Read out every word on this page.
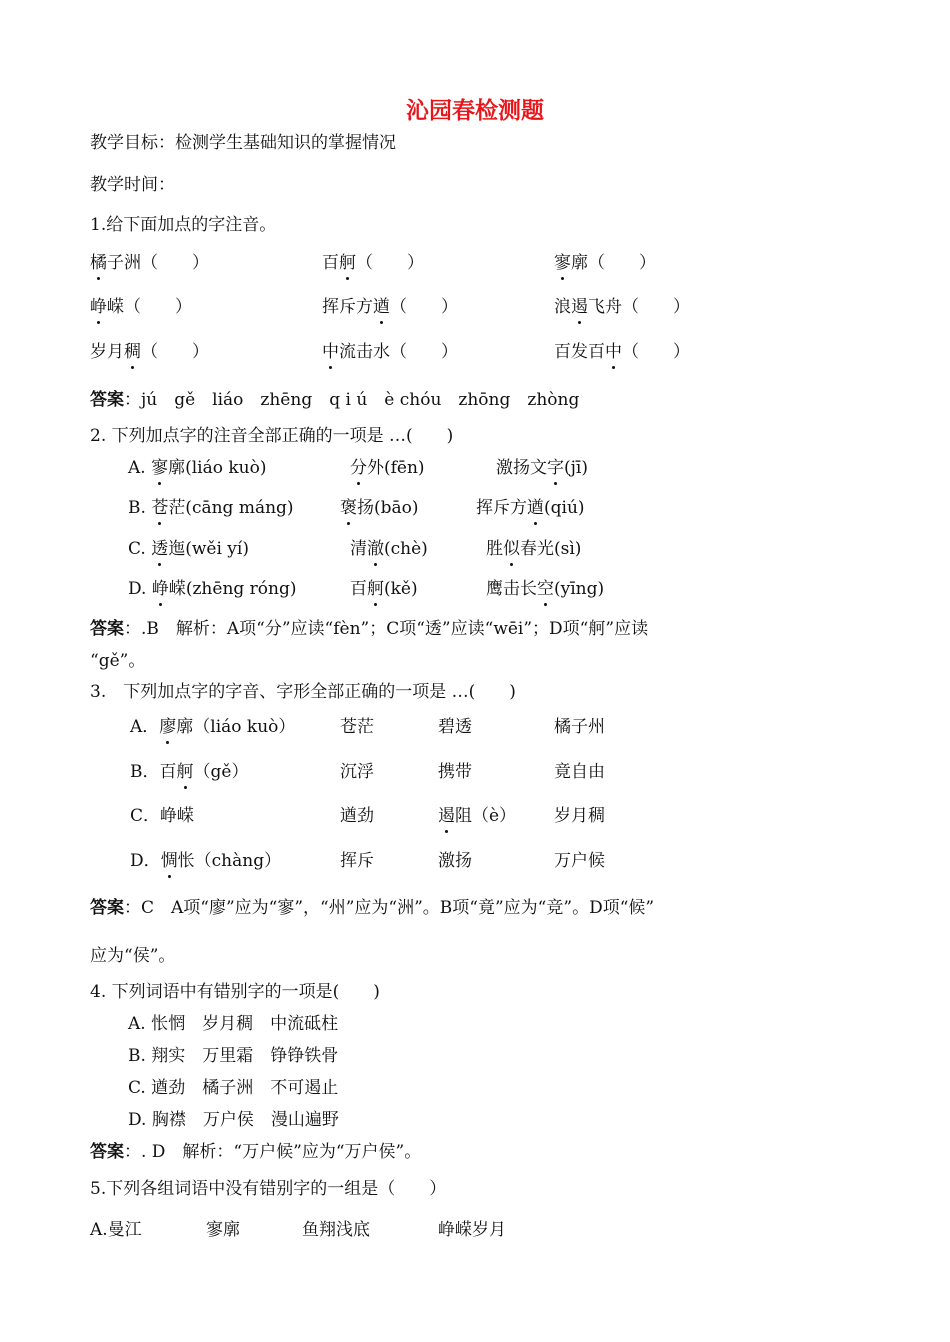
沁园春检测题
教学目标：检测学生基础知识的掌握情况
教学时间：
1.给下面加点的字注音。
橘子洲（　　）	百舸（　　）	寥廓（　　）
峥嵘（　　）	挥斥方遒（　　）	浪遏飞舟（　　）
岁月稠（　　）	中流击水（　　）	百发百中（　　）
答案：jú　gě　liáo　zhēng　q i ú　è chóu　zhōng　zhòng
2. 下列加点字的注音全部正确的一项是 …(　　)
A. 寥廓(liáo kuò)	分外(fēn)	激扬文字(jī)
B. 苍茫(cāng máng)	褒扬(bāo)	挥斥方遒(qiú)
C. 透迤(wěi yí)	清澈(chè)	胜似春光(sì)
D. 峥嵘(zhēng róng)	百舸(kě)	鹰击长空(yīng)
答案：.B　解析：A项“分”应读“fèn”；C项“透”应读“wēi”；D项“舸”应读
“gě”。
3.　下列加点字的字音、字形全部正确的一项是 …(　　)
A．廖廓（liáo kuò）	苍茫	碧透	橘子州
B．百舸（gě）	沉浮	携带	竟自由
C．峥嵘	遒劲	遏阻（è） 岁月稠
D．惆怅（chàng）	挥斥	激扬	万户候
答案：C　A项“廖”应为“寥”，“州”应为“洲”。B项“竟”应为“竞”。D项“候”
应为“侯”。
4. 下列词语中有错别字的一项是(　　)
A. 怅惘　岁月稠　中流砥柱
B. 翔实　万里霜　铮铮铁骨
C. 遒劲　橘子洲　不可遏止
D. 胸襟　万户侯　漫山遍野
答案：. D　解析：“万户候”应为“万户侯”。
5.下列各组词语中没有错别字的一组是（　　）
A.曼江	寥廓	鱼翔浅底	峥嵘岁月
